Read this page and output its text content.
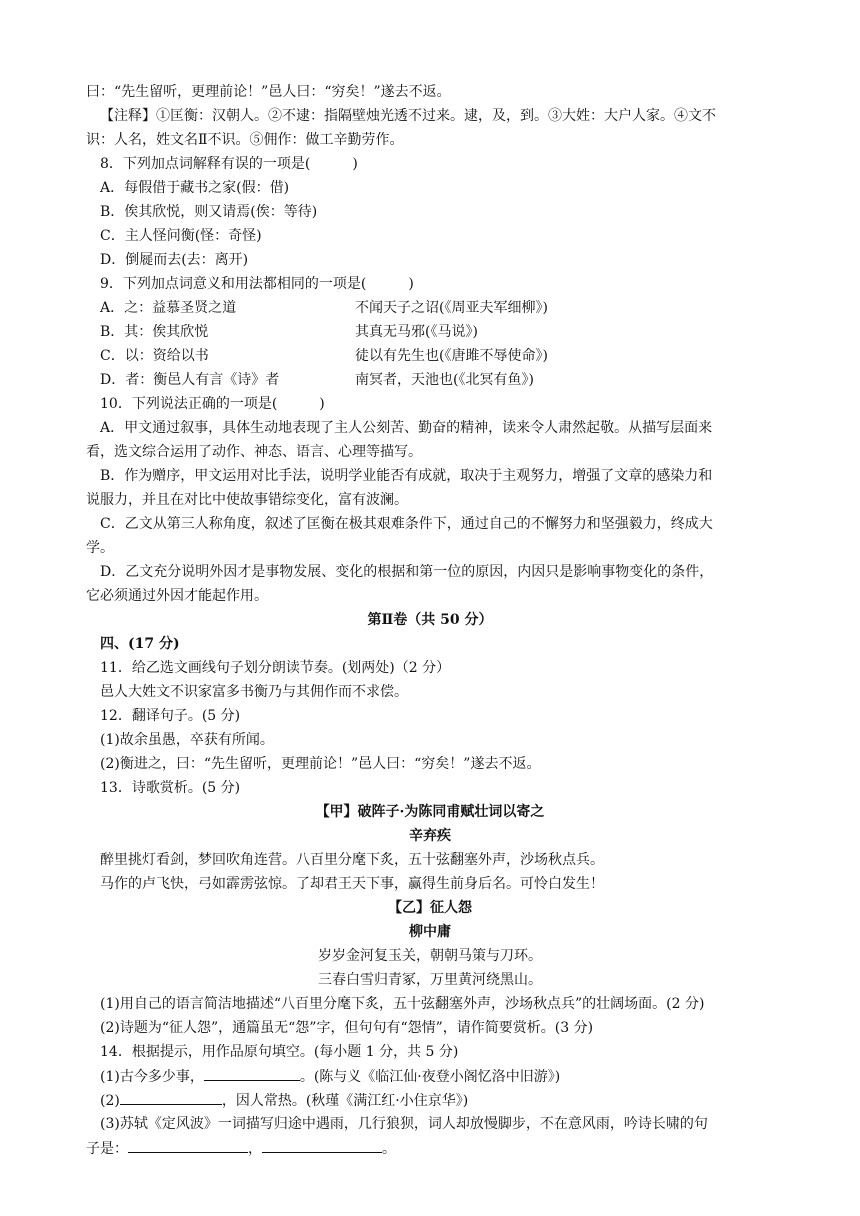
曰：“先生留听，更理前论！”邑人曰：“穷矣！”遂去不返。
【注释】①匡衡：汉朝人。②不逮：指隔壁烛光透不过来。逮，及，到。③大姓：大户人家。④文不
识：人名，姓文名Ⅱ不识。⑤佣作：做工辛勤劳作。
8．下列加点词解释有误的一项是(　　　)
A．每假借于藏书之家(假：借)
B．俟其欣悦，则又请焉(俟：等待)
C．主人怪问衡(怪：奇怪)
D．倒屣而去(去：离开)
9．下列加点词意义和用法都相同的一项是(　　　)
A．之：益慕圣贤之道	不闻天子之诏(《周亚夫军细柳》)
B．其：俟其欣悦	其真无马邪(《马说》)
C．以：资给以书	徒以有先生也(《唐雎不辱使命》)
D．者：衡邑人有言《诗》者	南冥者，天池也(《北冥有鱼》)
10．下列说法正确的一项是(　　　)
A．甲文通过叙事，具体生动地表现了主人公刻苦、勤奋的精神，读来令人肃然起敬。从描写层面来
看，选文综合运用了动作、神态、语言、心理等描写。
B．作为赠序，甲文运用对比手法，说明学业能否有成就，取决于主观努力，增强了文章的感染力和
说服力，并且在对比中使故事错综变化，富有波澜。
C．乙文从第三人称角度，叙述了匡衡在极其艰难条件下，通过自己的不懈努力和坚强毅力，终成大
学。
D．乙文充分说明外因才是事物发展、变化的根据和第一位的原因，内因只是影响事物变化的条件，
它必须通过外因才能起作用。
第Ⅱ卷（共 50 分）
四、(17 分)
11．给乙选文画线句子划分朗读节奏。(划两处)（2 分）
邑人大姓文不识家富多书衡乃与其佣作而不求偿。
12．翻译句子。(5 分)
(1)故余虽愚，卒获有所闻。
(2)衡进之，曰：“先生留听，更理前论！”邑人曰：“穷矣！”遂去不返。
13．诗歌赏析。(5 分)
【甲】破阵子·为陈同甫赋壮词以寄之
辛弃疾
醉里挑灯看剑，梦回吹角连营。八百里分麾下炙，五十弦翻塞外声，沙场秋点兵。
马作的卢飞快，弓如霹雳弦惊。了却君王天下事，赢得生前身后名。可怜白发生！
【乙】征人怨
柳中庸
岁岁金河复玉关，朝朝马策与刀环。
三春白雪归青冢，万里黄河绕黑山。
(1)用自己的语言简洁地描述“八百里分麾下炙，五十弦翻塞外声，沙场秋点兵”的壮阔场面。(2 分)
(2)诗题为“征人怨”，通篇虽无“怨”字，但句句有“怨情”，请作简要赏析。(3 分)
14．根据提示，用作品原句填空。(每小题 1 分，共 5 分)
(1)古今多少事，	。(陈与义《临江仙·夜登小阁忆洛中旧游》)
(2)	，因人常热。(秋瑾《满江红·小住京华》)
(3)苏轼《定风波》一词描写归途中遇雨，几行狼狈，词人却放慢脚步，不在意风雨，吟诗长啸的句
子是：	，	。
